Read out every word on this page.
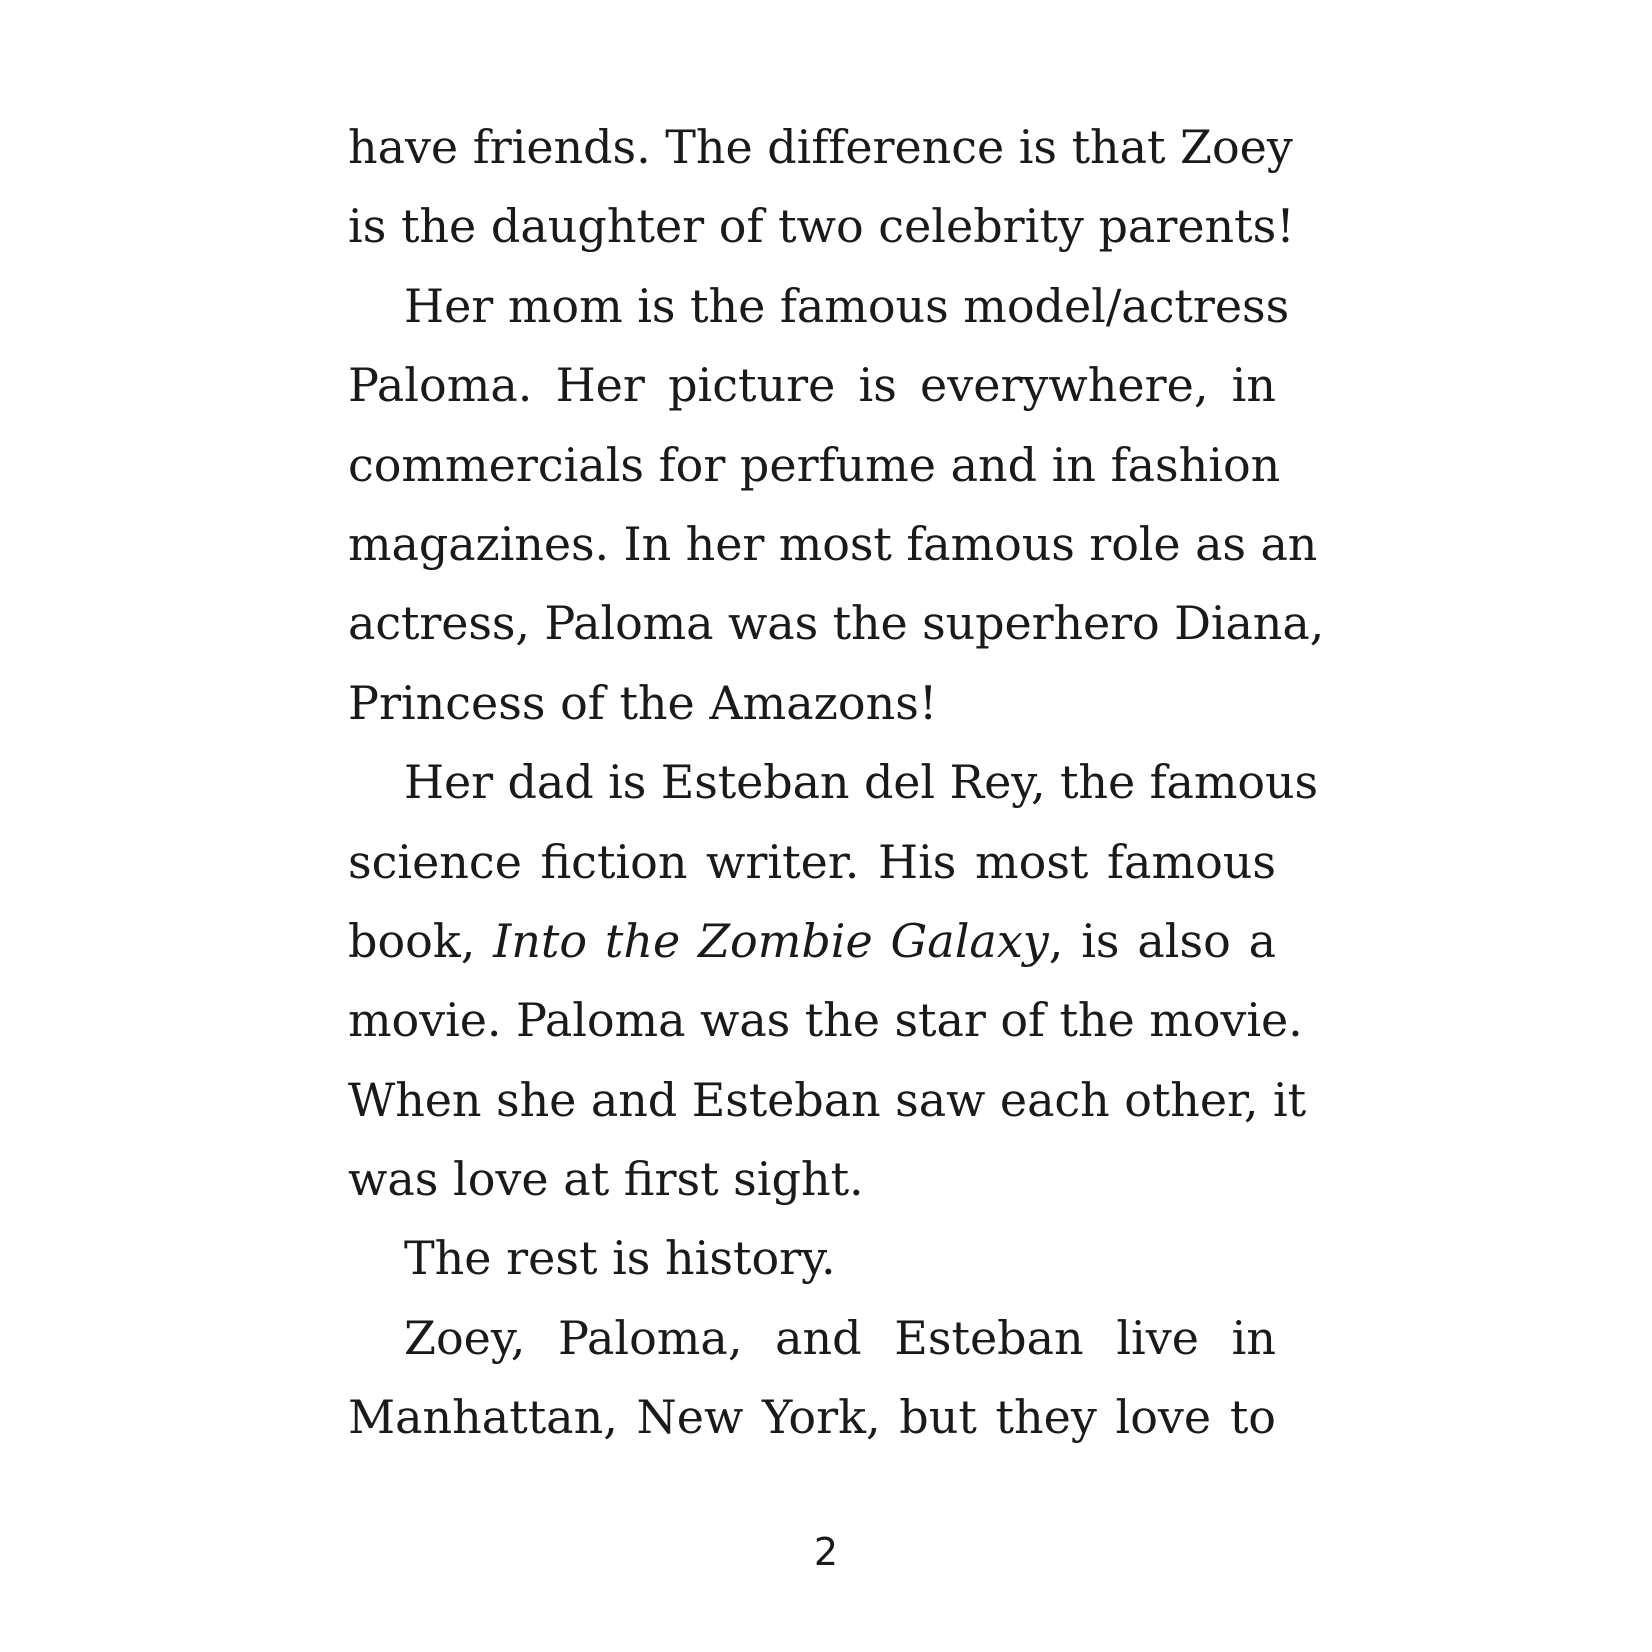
have friends. The difference is that Zoey
is the daughter of two celebrity parents!
Her mom is the famous model/actress
Paloma. Her picture is everywhere, in
commercials for perfume and in fashion
magazines. In her most famous role as an
actress, Paloma was the superhero Diana,
Princess of the Amazons!
Her dad is Esteban del Rey, the famous
science fiction writer. His most famous
book, Into the Zombie Galaxy, is also a
movie. Paloma was the star of the movie.
When she and Esteban saw each other, it
was love at first sight.
The rest is history.
Zoey, Paloma, and Esteban live in
Manhattan, New York, but they love to
2
